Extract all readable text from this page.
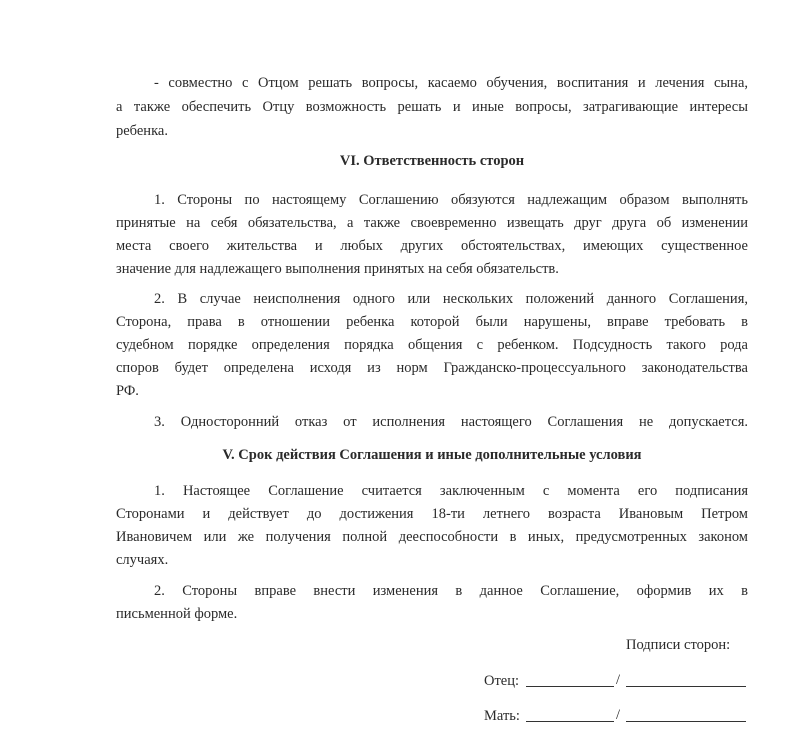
- совместно с Отцом решать вопросы, касаемо обучения, воспитания и лечения сына,
а также обеспечить Отцу возможность решать и иные вопросы, затрагивающие интересы
ребенка.
VI. Ответственность сторон
1. Стороны по настоящему Соглашению обязуются надлежащим образом выполнять
принятые на себя обязательства, а также своевременно извещать друг друга об изменении
места своего жительства и любых других обстоятельствах, имеющих существенное
значение для надлежащего выполнения принятых на себя обязательств.
2. В случае неисполнения одного или нескольких положений данного Соглашения,
Сторона, права в отношении ребенка которой были нарушены, вправе требовать в
судебном порядке определения порядка общения с ребенком. Подсудность такого рода
споров будет определена исходя из норм Гражданско-процессуального законодательства
РФ.
3. Односторонний отказ от исполнения настоящего Соглашения не допускается.
V. Срок действия Соглашения и иные дополнительные условия
1. Настоящее Соглашение считается заключенным с момента его подписания
Сторонами и действует до достижения 18-ти летнего возраста Ивановым Петром
Ивановичем или же получения полной дееспособности в иных, предусмотренных законом
случаях.
2. Стороны вправе внести изменения в данное Соглашение, оформив их в
письменной форме.
Подписи сторон:
Отец:	/
Мать:	/
